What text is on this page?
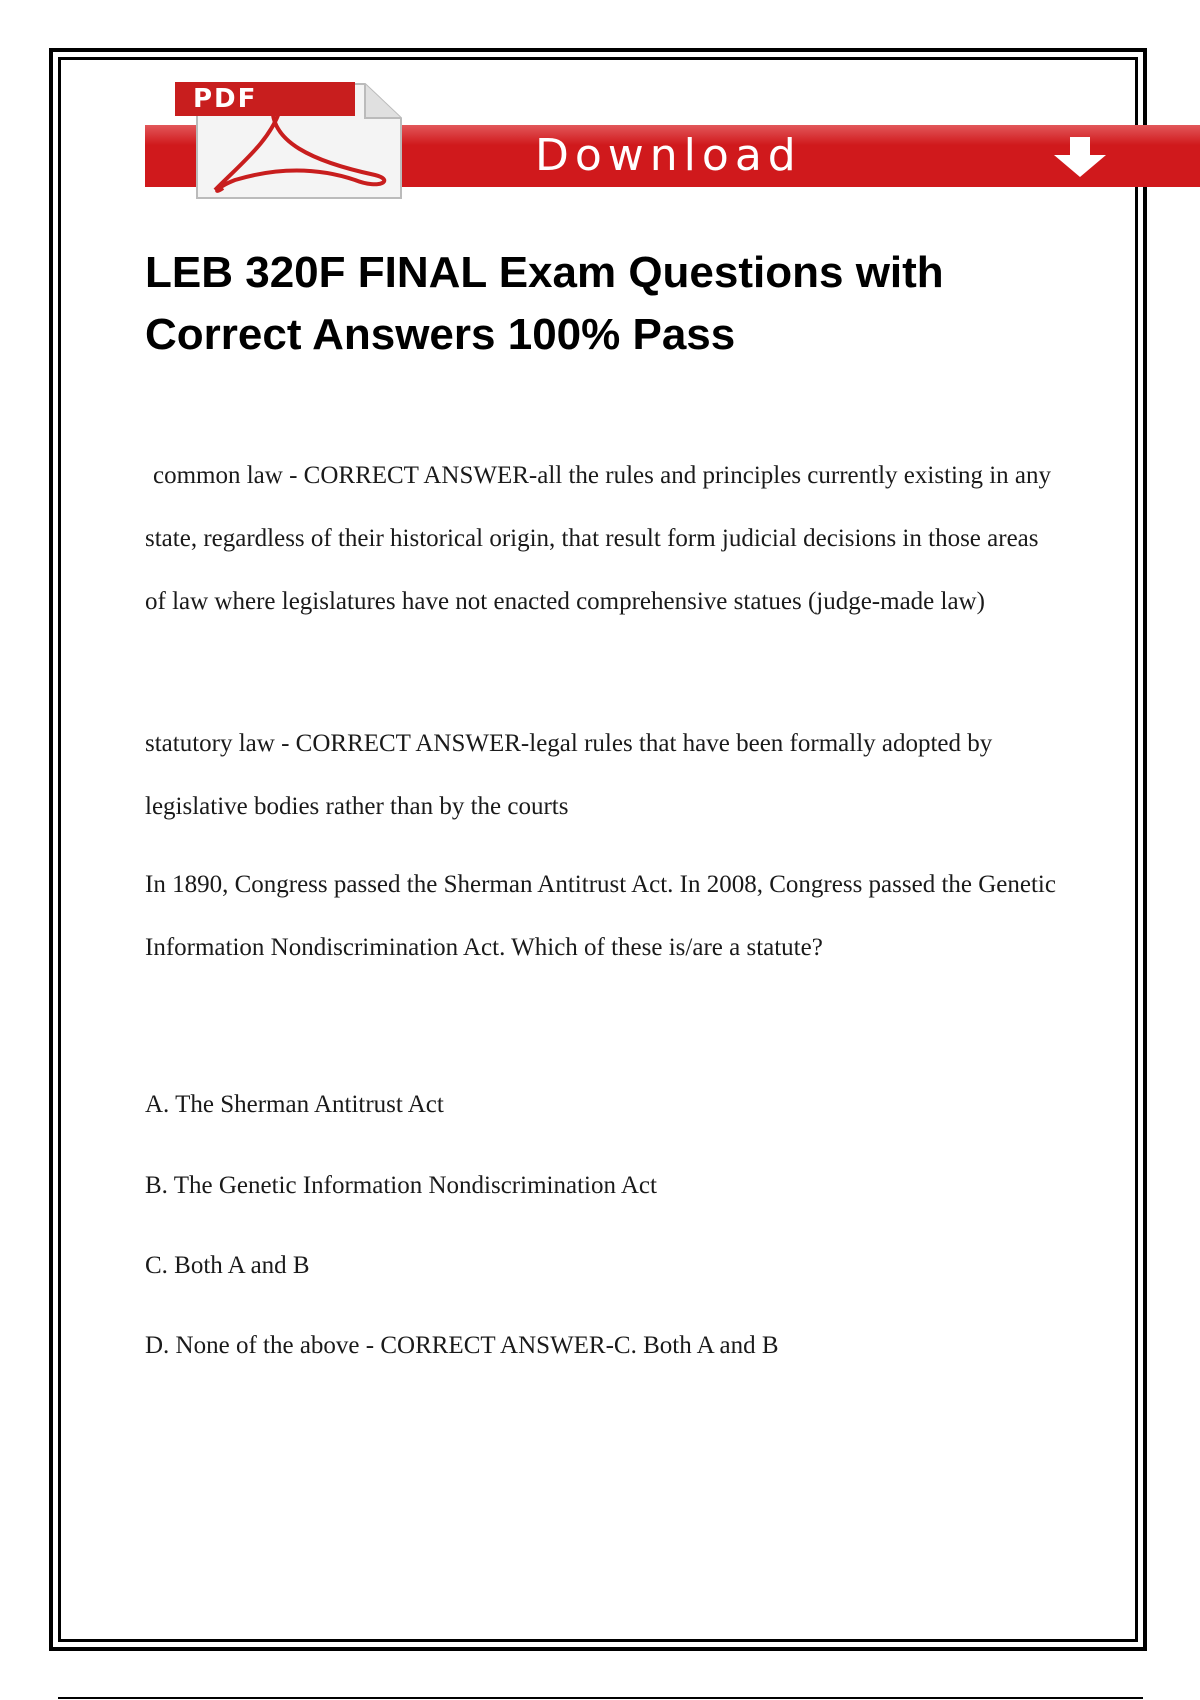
PDF
Download
LEB 320F FINAL Exam Questions with Correct Answers 100% Pass

common law - CORRECT ANSWER-all the rules and principles currently existing in any state, regardless of their historical origin, that result form judicial decisions in those areas of law where legislatures have not enacted comprehensive statues (judge-made law)

statutory law - CORRECT ANSWER-legal rules that have been formally adopted by legislative bodies rather than by the courts

In 1890, Congress passed the Sherman Antitrust Act. In 2008, Congress passed the Genetic Information Nondiscrimination Act. Which of these is/are a statute?

A. The Sherman Antitrust Act

B. The Genetic Information Nondiscrimination Act

C. Both A and B

D. None of the above - CORRECT ANSWER-C. Both A and B
